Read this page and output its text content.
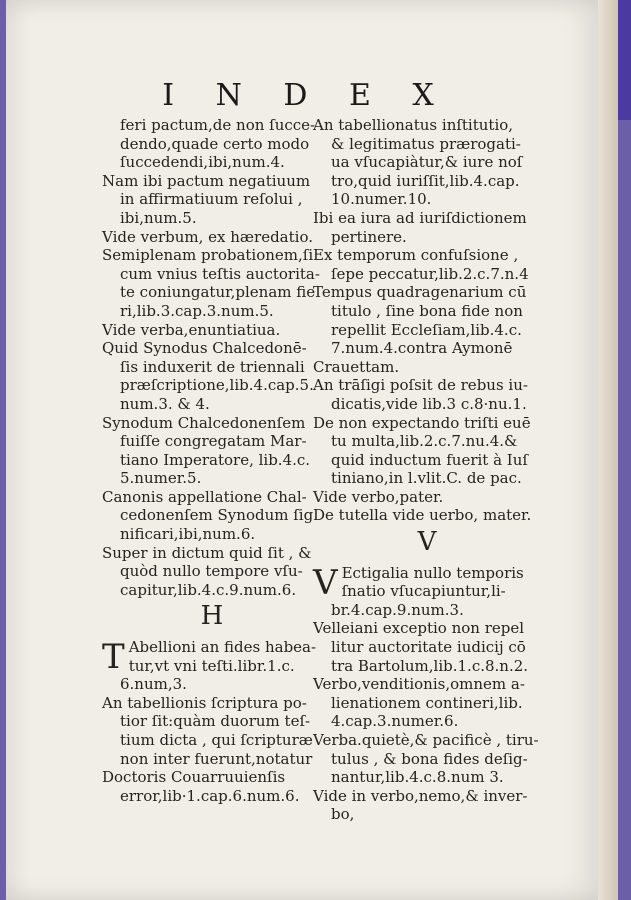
I N D E X
feri pactum,de non ſucce-
dendo,quade certo modo
ſuccedendi,ibi,num.4.
Nam ibi pactum negatiuum
in affirmatiuum reſolui ,
ibi,num.5.
Vide verbum, ex hæredatio.
Semiplenam probationem,ſi
cum vnius teſtis auctorita-
te coniungatur,plenam fie
ri,lib.3.cap.3.num.5.
Vide verba,enuntiatiua.
Quid Synodus Chalcedonē-
ſis induxerit de triennali
præſcriptione,lib.4.cap.5.
num.3. & 4.
Synodum Chalcedonenſem
fuiſſe congregatam Mar-
tiano Imperatore, lib.4.c.
5.numer.5.
Canonis appellatione Chal-
cedonenſem Synodum ſig
nificari,ibi,num.6.
Super in dictum quid ſit , &
quòd nullo tempore vſu-
capitur,lib.4.c.9.num.6.
H
T Abellioni an fides habea-
tur,vt vni teſti.libr.1.c.
6.num,3.
An tabellionis ſcriptura po-
tior ſit:quàm duorum teſ-
tium dicta , qui ſcripturæ
non inter fuerunt,notatur
Doctoris Couarruuienſis
error,lib·1.cap.6.num.6.
An tabellionatus inſtitutio,
& legitimatus prærogati-
ua vſucapiàtur,& iure noſ
tro,quid iuriſſit,lib.4.cap.
10.numer.10.
Ibi ea iura ad iuriſdictionem
pertinere.
Ex temporum confuſsione ,
ſepe peccatur,lib.2.c.7.n.4
Tempus quadragenarium cū
titulo , ſine bona fide non
repellit Eccleſiam,lib.4.c.
7.num.4.contra Aymonē
Crauettam.
An trāſigi poſsit de rebus iu-
dicatis,vide lib.3 c.8·nu.1.
De non expectando triſti euē
tu multa,lib.2.c.7.nu.4.&
quid inductum fuerit à Iuſ
tiniano,in l.vlit.C. de pac.
Vide verbo,pater.
De tutella vide uerbo, mater.
V
V Ectigalia nullo temporis
ſnatio vſucapiuntur,li-
br.4.cap.9.num.3.
Velleiani exceptio non repel
litur auctoritate iudicij cō
tra Bartolum,lib.1.c.8.n.2.
Verbo,venditionis,omnem a-
lienationem contineri,lib.
4.cap.3.numer.6.
Verba.quietè,& pacificè , tiru-
tulus , & bona fides deſig-
nantur,lib.4.c.8.num 3.
Vide in verbo,nemo,& inver-
bo,
